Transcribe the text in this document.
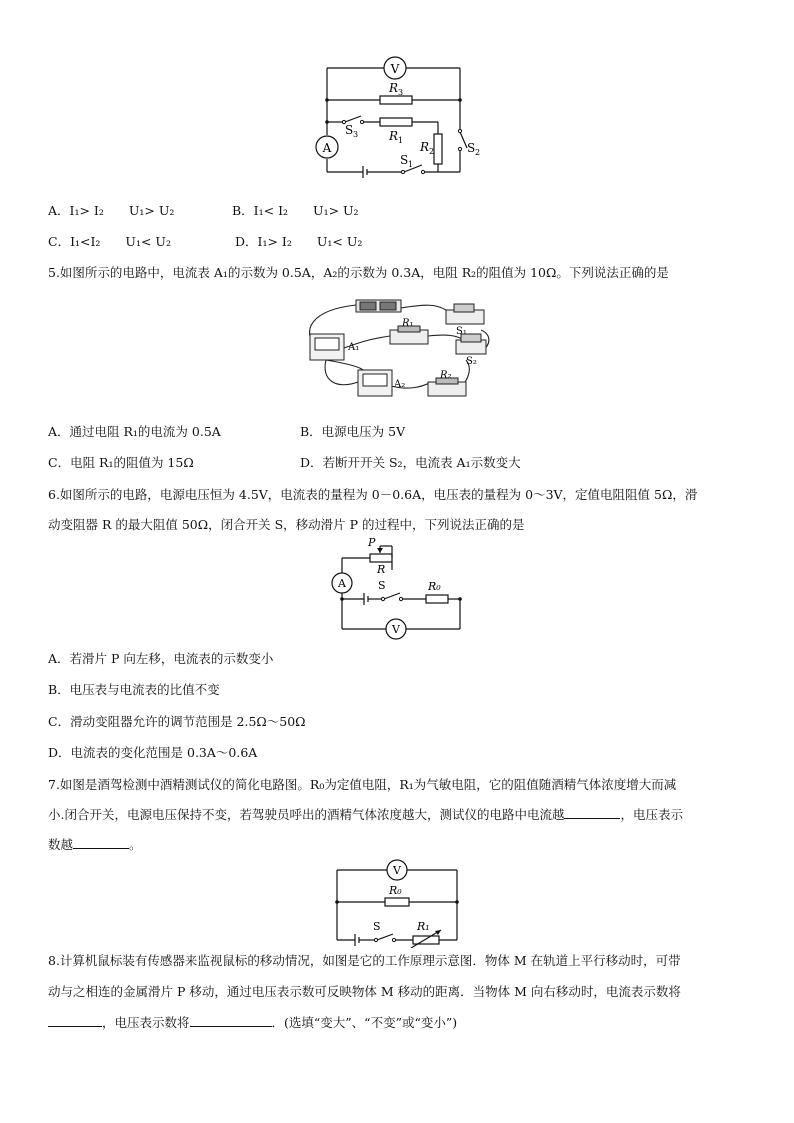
V
A
R 3
R 1 R 2
S 3
S 2
S 1
A．I₁> I₂　　U₁> U₂	B．I₁< I₂　　U₁> U₂
C．I₁<I₂　　U₁< U₂	D．I₁> I₂　　U₁< U₂
5.如图所示的电路中，电流表 A₁的示数为 0.5A，A₂的示数为 0.3A，电阻 R₂的阻值为 10Ω。下列说法正确的是
A₁
A₂
R₁
R₂
S₁
S₂
A．通过电阻 R₁的电流为 0.5A	B．电源电压为 5V
C．电阻 R₁的阻值为 15Ω	D．若断开开关 S₂，电流表 A₁示数变大
6.如图所示的电路，电源电压恒为 4.5V，电流表的量程为 0－0.6A，电压表的量程为 0～3V，定值电阻阻值 5Ω，滑
动变阻器 R 的最大阻值 50Ω，闭合开关 S，移动滑片 P 的过程中，下列说法正确的是
A
V
P
R
S	R₀
A．若滑片 P 向左移，电流表的示数变小
B．电压表与电流表的比值不变
C．滑动变阻器允许的调节范围是 2.5Ω～50Ω
D．电流表的变化范围是 0.3A～0.6A
7.如图是酒驾检测中酒精测试仪的简化电路图。R₀为定值电阻，R₁为气敏电阻，它的阻值随酒精气体浓度增大而减
小.闭合开关，电源电压保持不变，若驾驶员呼出的酒精气体浓度越大，测试仪的电路中电流越	，电压表示
数越	。
V
R₀
S	R₁
8.计算机鼠标装有传感器来监视鼠标的移动情况，如图是它的工作原理示意图．物体 M 在轨道上平行移动时，可带
动与之相连的金属滑片 P 移动，通过电压表示数可反映物体 M 移动的距离．当物体 M 向右移动时，电流表示数将
，电压表示数将	．(选填“变大”、“不变”或“变小”)
